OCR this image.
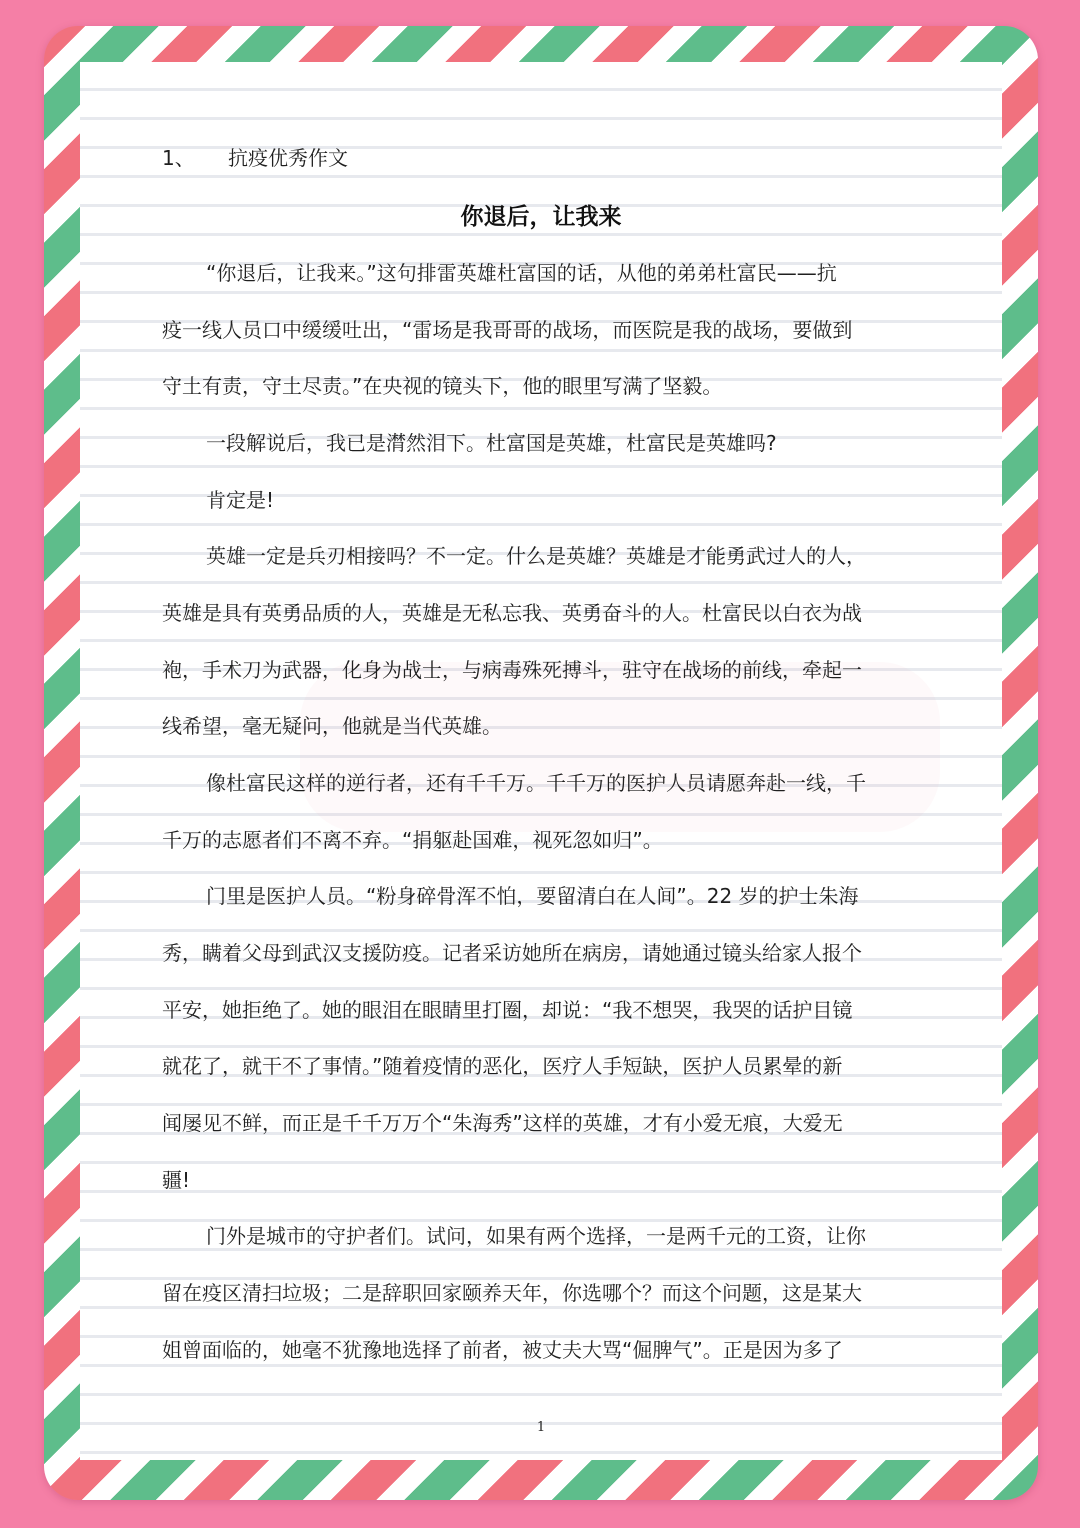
1、 抗疫优秀作文
你退后，让我来
“你退后，让我来。”这句排雷英雄杜富国的话，从他的弟弟杜富民——抗
疫一线人员口中缓缓吐出，“雷场是我哥哥的战场，而医院是我的战场，要做到
守土有责，守土尽责。”在央视的镜头下，他的眼里写满了坚毅。
一段解说后，我已是潸然泪下。杜富国是英雄，杜富民是英雄吗?
肯定是!
英雄一定是兵刃相接吗？不一定。什么是英雄？英雄是才能勇武过人的人，
英雄是具有英勇品质的人，英雄是无私忘我、英勇奋斗的人。杜富民以白衣为战
袍，手术刀为武器，化身为战士，与病毒殊死搏斗，驻守在战场的前线，牵起一
线希望，毫无疑问，他就是当代英雄。
像杜富民这样的逆行者，还有千千万。千千万的医护人员请愿奔赴一线，千
千万的志愿者们不离不弃。“捐躯赴国难，视死忽如归”。
门里是医护人员。“粉身碎骨浑不怕，要留清白在人间”。22 岁的护士朱海
秀，瞒着父母到武汉支援防疫。记者采访她所在病房，请她通过镜头给家人报个
平安，她拒绝了。她的眼泪在眼睛里打圈，却说：“我不想哭，我哭的话护目镜
就花了，就干不了事情。”随着疫情的恶化，医疗人手短缺，医护人员累晕的新
闻屡见不鲜，而正是千千万万个“朱海秀”这样的英雄，才有小爱无痕，大爱无
疆!
门外是城市的守护者们。试问，如果有两个选择，一是两千元的工资，让你
留在疫区清扫垃圾；二是辞职回家颐养天年，你选哪个？而这个问题，这是某大
姐曾面临的，她毫不犹豫地选择了前者，被丈夫大骂“倔脾气”。正是因为多了
1
